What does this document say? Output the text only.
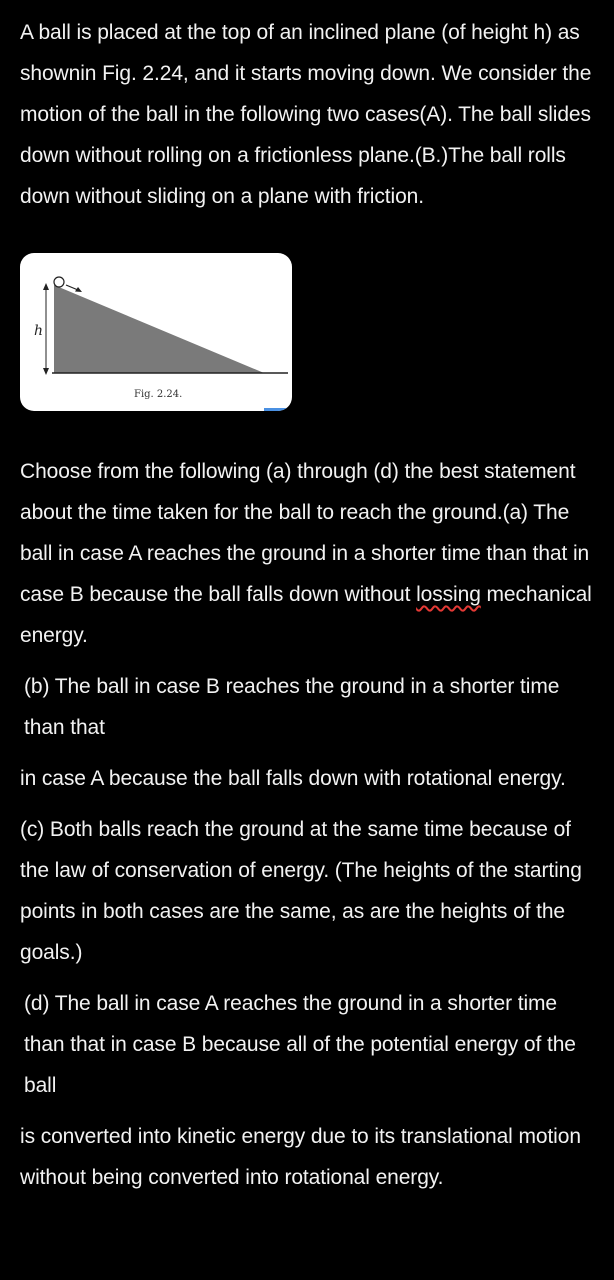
A ball is placed at the top of an inclined plane (of height h) as shownin Fig. 2.24, and it starts moving down. We consider the motion of the ball in the following two cases(A). The ball slides down without rolling on a frictionless plane.(B.)The ball rolls down without sliding on a plane with friction.

h
Fig. 2.24.

Choose from the following (a) through (d) the best statement about the time taken for the ball to reach the ground.(a) The ball in case A reaches the ground in a shorter time than that in case B because the ball falls down without lossing mechanical energy.

(b) The ball in case B reaches the ground in a shorter time than that

in case A because the ball falls down with rotational energy.

(c) Both balls reach the ground at the same time because of the law of conservation of energy. (The heights of the starting points in both cases are the same, as are the heights of the goals.)

(d) The ball in case A reaches the ground in a shorter time than that in case B because all of the potential energy of the ball

is converted into kinetic energy due to its translational motion without being converted into rotational energy.
